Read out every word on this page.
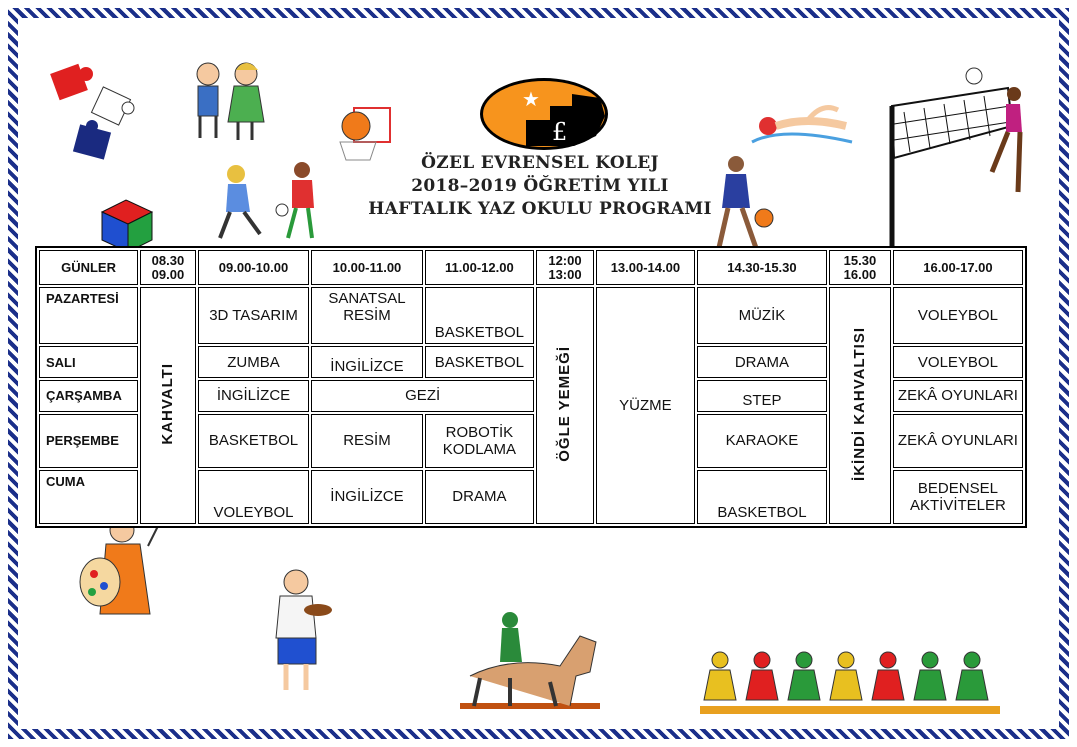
★
£
ÖZEL EVRENSEL KOLEJ
2018–2019 ÖĞRETİM YILI
HAFTALIK YAZ OKULU PROGRAMI
GÜNLER	08.30 09.00	09.00-10.00	10.00-11.00	11.00-12.00	12:00 13:00	13.00-14.00	14.30-15.30	15.30 16.00	16.00-17.00
PAZARTESİ	KAHVALTI	3D TASARIM	SANATSAL RESİM	BASKETBOL	ÖĞLE YEMEĞİ	YÜZME	MÜZİK	İKİNDİ KAHVALTISI	VOLEYBOL
SALI		ZUMBA	İNGİLİZCE	BASKETBOL			DRAMA		VOLEYBOL
ÇARŞAMBA		İNGİLİZCE	GEZİ				STEP		ZEKÂ OYUNLARI
PERŞEMBE		BASKETBOL	RESİM	ROBOTİK KODLAMA			KARAOKE		ZEKÂ OYUNLARI
CUMA		VOLEYBOL	İNGİLİZCE	DRAMA			BASKETBOL		BEDENSEL AKTİVİTELER
